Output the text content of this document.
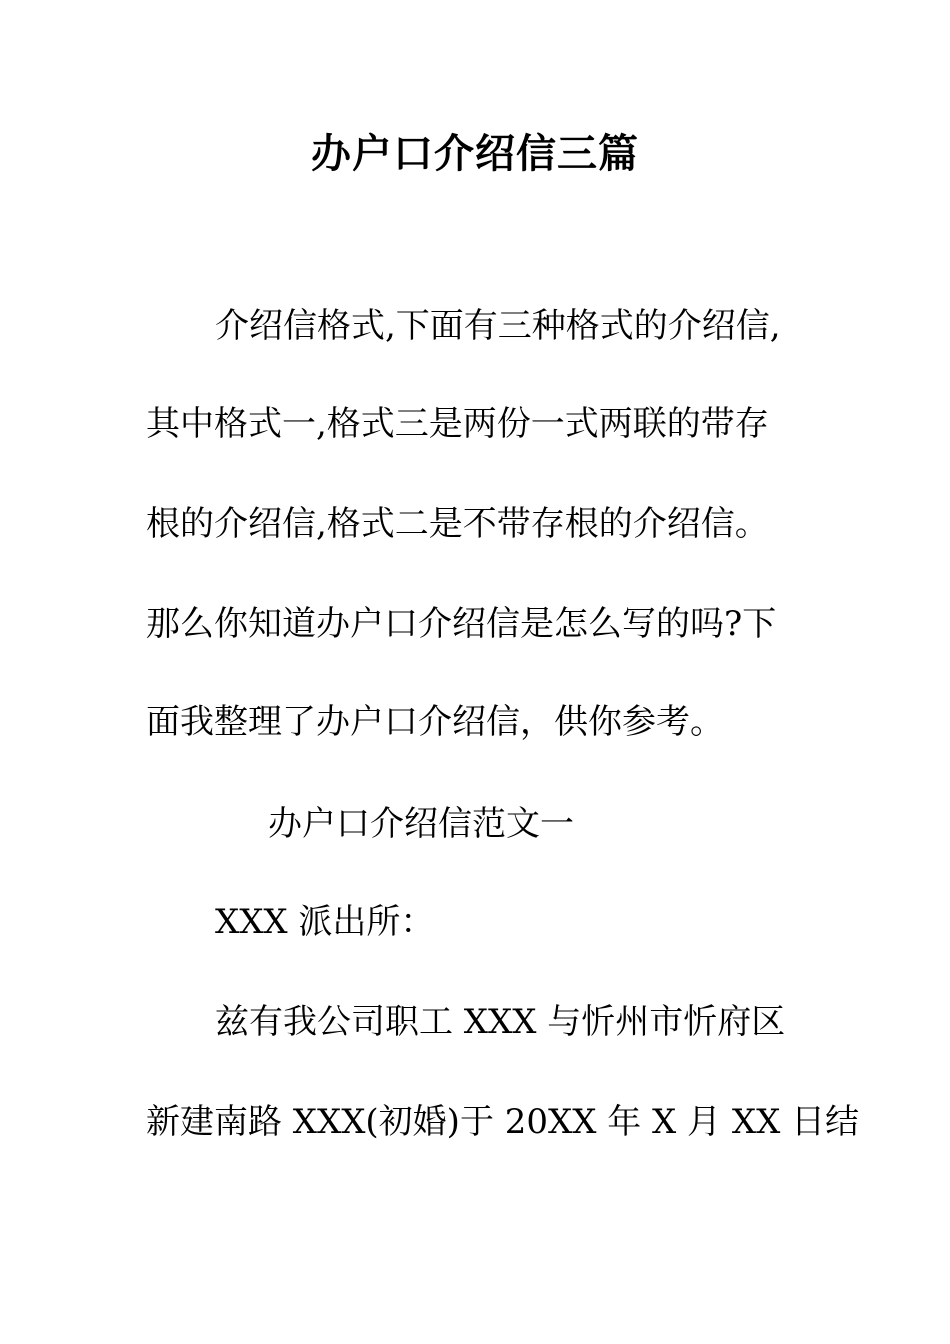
办户口介绍信三篇
介绍信格式,下面有三种格式的介绍信,
其中格式一,格式三是两份一式两联的带存
根的介绍信,格式二是不带存根的介绍信。
那么你知道办户口介绍信是怎么写的吗?下
面我整理了办户口介绍信，供你参考。
办户口介绍信范文一
XXX 派出所：
兹有我公司职工 XXX 与忻州市忻府区
新建南路 XXX(初婚)于 20XX 年 X 月 XX 日结
